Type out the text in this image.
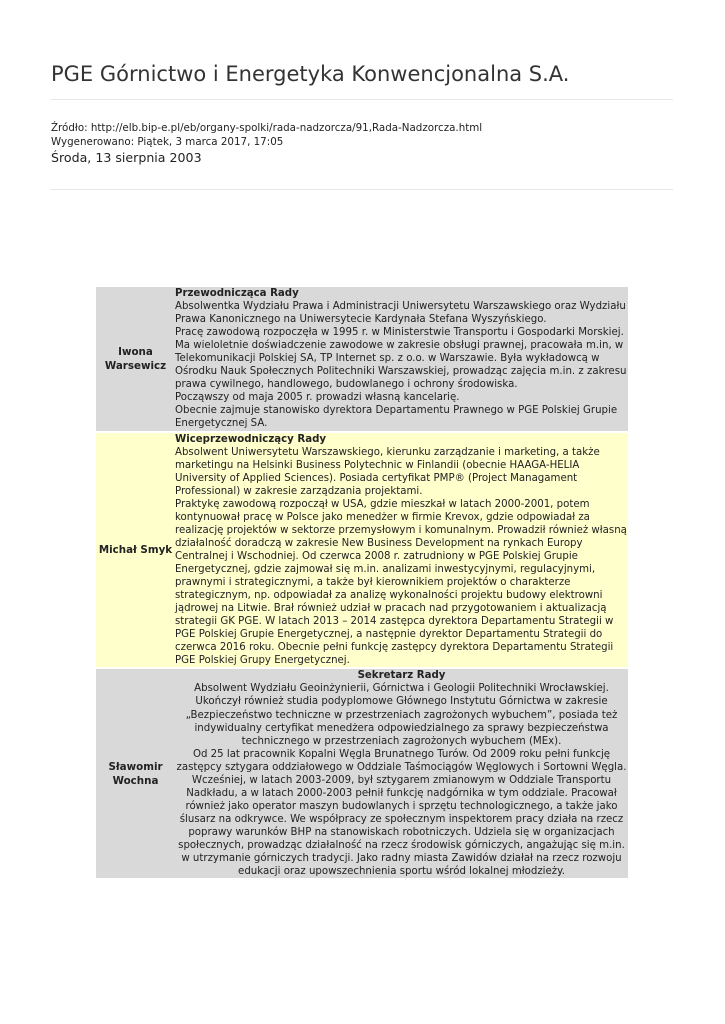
PGE Górnictwo i Energetyka Konwencjonalna S.A.
Źródło: http://elb.bip-e.pl/eb/organy-spolki/rada-nadzorcza/91,Rada-Nadzorcza.html
Wygenerowano: Piątek, 3 marca 2017, 17:05
Środa, 13 sierpnia 2003
Iwona Warsewicz	Przewodnicząca Rady
Absolwentka Wydziału Prawa i Administracji Uniwersytetu Warszawskiego oraz Wydziału Prawa Kanonicznego na Uniwersytecie Kardynała Stefana Wyszyńskiego.
Pracę zawodową rozpoczęła w 1995 r. w Ministerstwie Transportu i Gospodarki Morskiej. Ma wieloletnie doświadczenie zawodowe w zakresie obsługi prawnej, pracowała m.in, w Telekomunikacji Polskiej SA, TP Internet sp. z o.o. w Warszawie. Była wykładowcą w Ośrodku Nauk Społecznych Politechniki Warszawskiej, prowadząc zajęcia m.in. z zakresu prawa cywilnego, handlowego, budowlanego i ochrony środowiska.
Począwszy od maja 2005 r. prowadzi własną kancelarię.
Obecnie zajmuje stanowisko dyrektora Departamentu Prawnego w PGE Polskiej Grupie Energetycznej SA.

Michał Smyk	Wiceprzewodniczący Rady
Absolwent Uniwersytetu Warszawskiego, kierunku zarządzanie i marketing, a także marketingu na Helsinki Business Polytechnic w Finlandii (obecnie HAAGA-HELIA University of Applied Sciences). Posiada certyfikat PMP® (Project Managament Professional) w zakresie zarządzania projektami.
Praktykę zawodową rozpoczął w USA, gdzie mieszkał w latach 2000-2001, potem kontynuował pracę w Polsce jako menedżer w firmie Krevox, gdzie odpowiadał za realizację projektów w sektorze przemysłowym i komunalnym. Prowadził również własną działalność doradczą w zakresie New Business Development na rynkach Europy Centralnej i Wschodniej. Od czerwca 2008 r. zatrudniony w PGE Polskiej Grupie Energetycznej, gdzie zajmował się m.in. analizami inwestycyjnymi, regulacyjnymi, prawnymi i strategicznymi, a także był kierownikiem projektów o charakterze strategicznym, np. odpowiadał za analizę wykonalności projektu budowy elektrowni jądrowej na Litwie. Brał również udział w pracach nad przygotowaniem i aktualizacją strategii GK PGE. W latach 2013 – 2014 zastępca dyrektora Departamentu Strategii w PGE Polskiej Grupie Energetycznej, a następnie dyrektor Departamentu Strategii do czerwca 2016 roku. Obecnie pełni funkcję zastępcy dyrektora Departamentu Strategii PGE Polskiej Grupy Energetycznej.

Sławomir Wochna	Sekretarz Rady
Absolwent Wydziału Geoinżynierii, Górnictwa i Geologii Politechniki Wrocławskiej. Ukończył również studia podyplomowe Głównego Instytutu Górnictwa w zakresie „Bezpieczeństwo techniczne w przestrzeniach zagrożonych wybuchem”, posiada też indywidualny certyfikat menedżera odpowiedzialnego za sprawy bezpieczeństwa technicznego w przestrzeniach zagrożonych wybuchem (MEx).
Od 25 lat pracownik Kopalni Węgla Brunatnego Turów. Od 2009 roku pełni funkcję zastępcy sztygara oddziałowego w Oddziale Taśmociągów Węglowych i Sortowni Węgla. Wcześniej, w latach 2003-2009, był sztygarem zmianowym w Oddziale Transportu Nadkładu, a w latach 2000-2003 pełnił funkcję nadgórnika w tym oddziale. Pracował również jako operator maszyn budowlanych i sprzętu technologicznego, a także jako ślusarz na odkrywce. We współpracy ze społecznym inspektorem pracy działa na rzecz poprawy warunków BHP na stanowiskach robotniczych. Udziela się w organizacjach społecznych, prowadząc działalność na rzecz środowisk górniczych, angażując się m.in. w utrzymanie górniczych tradycji. Jako radny miasta Zawidów działał na rzecz rozwoju edukacji oraz upowszechnienia sportu wśród lokalnej młodzieży.
